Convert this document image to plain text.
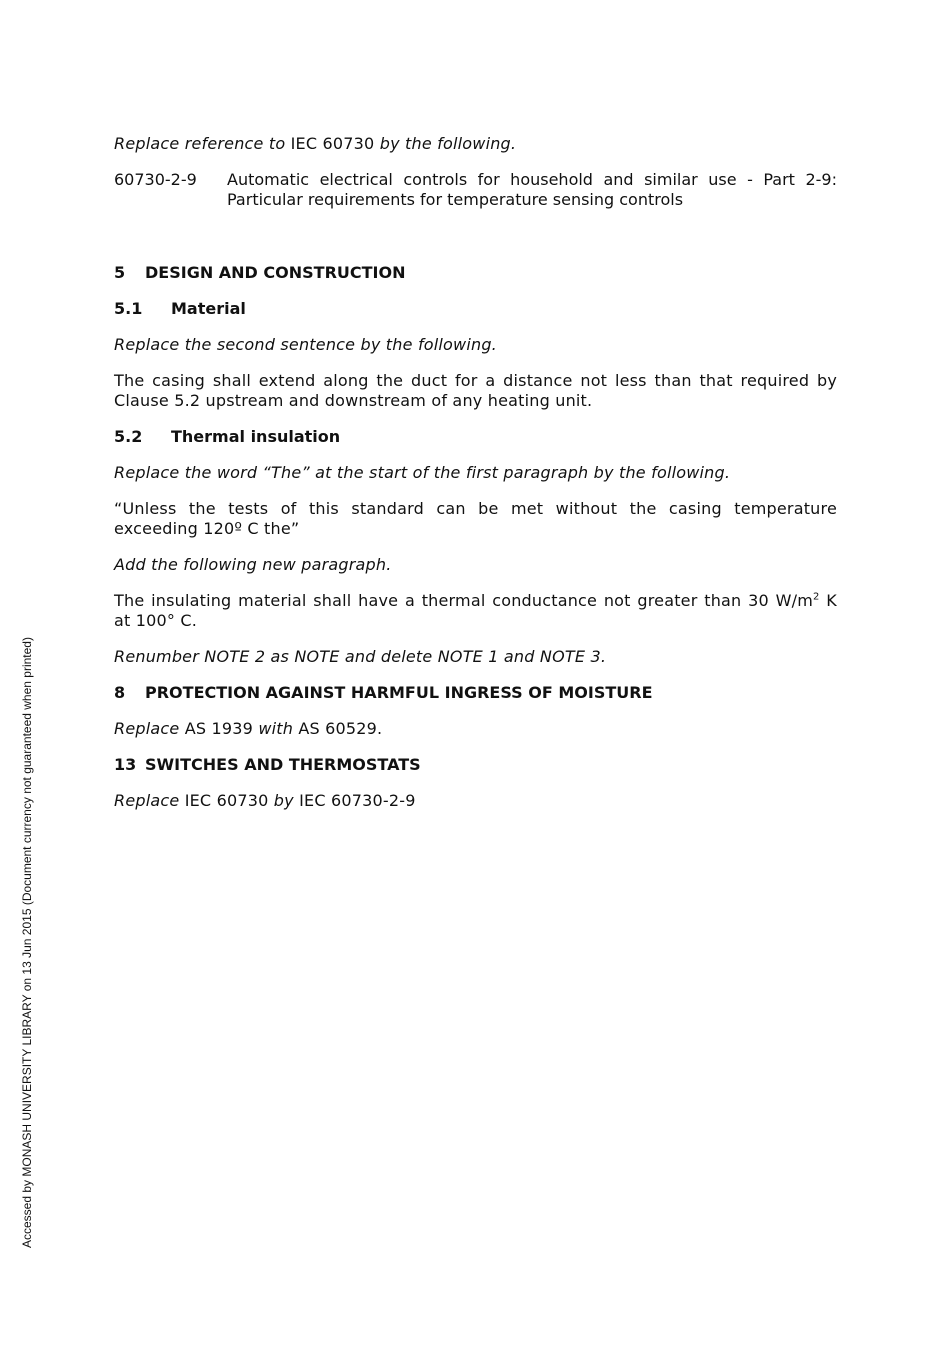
Replace reference to IEC 60730 by the following.

60730-2-9	Automatic electrical controls for household and similar use - Part 2-9:
Particular requirements for temperature sensing controls
5 DESIGN AND CONSTRUCTION
5.1 Material

Replace the second sentence by the following.

The casing shall extend along the duct for a distance not less than that required by
Clause 5.2 upstream and downstream of any heating unit.

5.2 Thermal insulation

Replace the word “The” at the start of the first paragraph by the following.

“Unless the tests of this standard can be met without the casing temperature
exceeding 120º C the”

Add the following new paragraph.

The insulating material shall have a thermal conductance not greater than 30 $W/m^2$ K
at 100° C.

Renumber NOTE 2 as NOTE and delete NOTE 1 and NOTE 3.

8 PROTECTION AGAINST HARMFUL INGRESS OF MOISTURE

Replace AS 1939 with AS 60529.

13 SWITCHES AND THERMOSTATS

Replace IEC 60730 by IEC 60730-2-9

Accessed by MONASH UNIVERSITY LIBRARY on 13 Jun 2015 (Document currency not guaranteed when printed)
